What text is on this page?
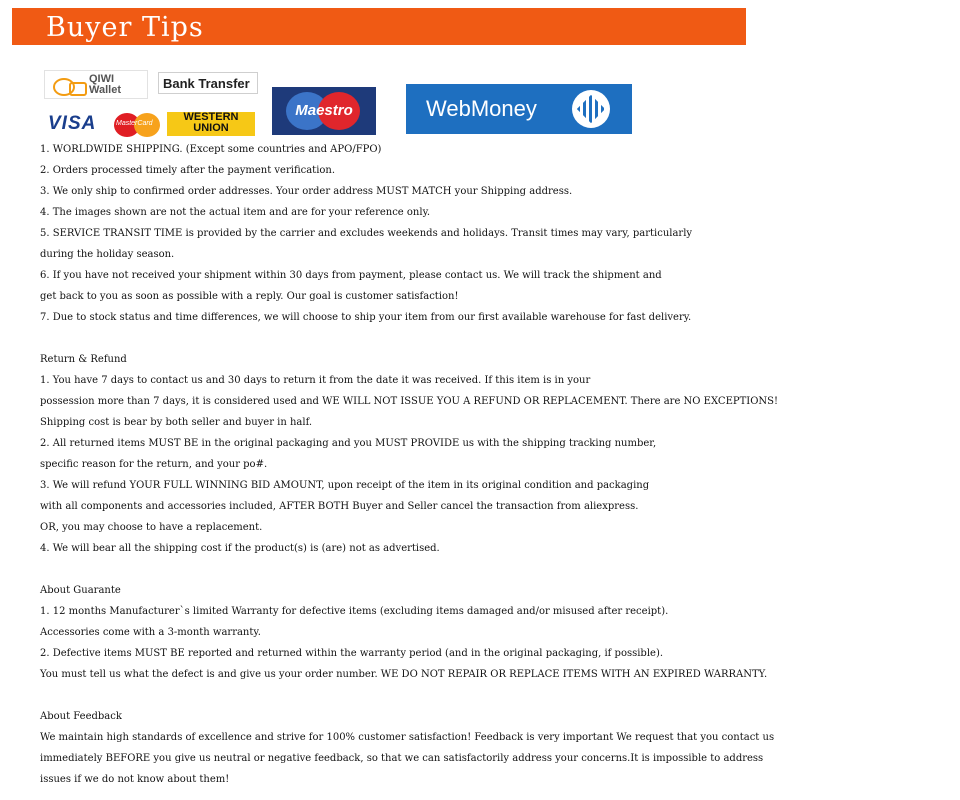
Buyer Tips
QIWI Wallet	Bank Transfer
VISA	MasterCard
WESTERN UNION
Maestro	WebMoney
1. WORLDWIDE SHIPPING. (Except some countries and APO/FPO)
2. Orders processed timely after the payment verification.
3. We only ship to confirmed order addresses. Your order address MUST MATCH your Shipping address.
4. The images shown are not the actual item and are for your reference only.
5. SERVICE TRANSIT TIME is provided by the carrier and excludes weekends and holidays. Transit times may vary, particularly
during the holiday season.
6. If you have not received your shipment within 30 days from payment, please contact us. We will track the shipment and
get back to you as soon as possible with a reply. Our goal is customer satisfaction!
7. Due to stock status and time differences, we will choose to ship your item from our first available warehouse for fast delivery.
Return & Refund
1. You have 7 days to contact us and 30 days to return it from the date it was received. If this item is in your
possession more than 7 days, it is considered used and WE WILL NOT ISSUE YOU A REFUND OR REPLACEMENT. There are NO EXCEPTIONS!
Shipping cost is bear by both seller and buyer in half.
2. All returned items MUST BE in the original packaging and you MUST PROVIDE us with the shipping tracking number,
specific reason for the return, and your po#.
3. We will refund YOUR FULL WINNING BID AMOUNT, upon receipt of the item in its original condition and packaging
with all components and accessories included, AFTER BOTH Buyer and Seller cancel the transaction from aliexpress.
OR, you may choose to have a replacement.
4. We will bear all the shipping cost if the product(s) is (are) not as advertised.
About Guarante
1. 12 months Manufacturer`s limited Warranty for defective items (excluding items damaged and/or misused after receipt).
Accessories come with a 3-month warranty.
2. Defective items MUST BE reported and returned within the warranty period (and in the original packaging, if possible).
You must tell us what the defect is and give us your order number. WE DO NOT REPAIR OR REPLACE ITEMS WITH AN EXPIRED WARRANTY.
About Feedback
We maintain high standards of excellence and strive for 100% customer satisfaction! Feedback is very important We request that you contact us
immediately BEFORE you give us neutral or negative feedback, so that we can satisfactorily address your concerns.It is impossible to address
issues if we do not know about them!
